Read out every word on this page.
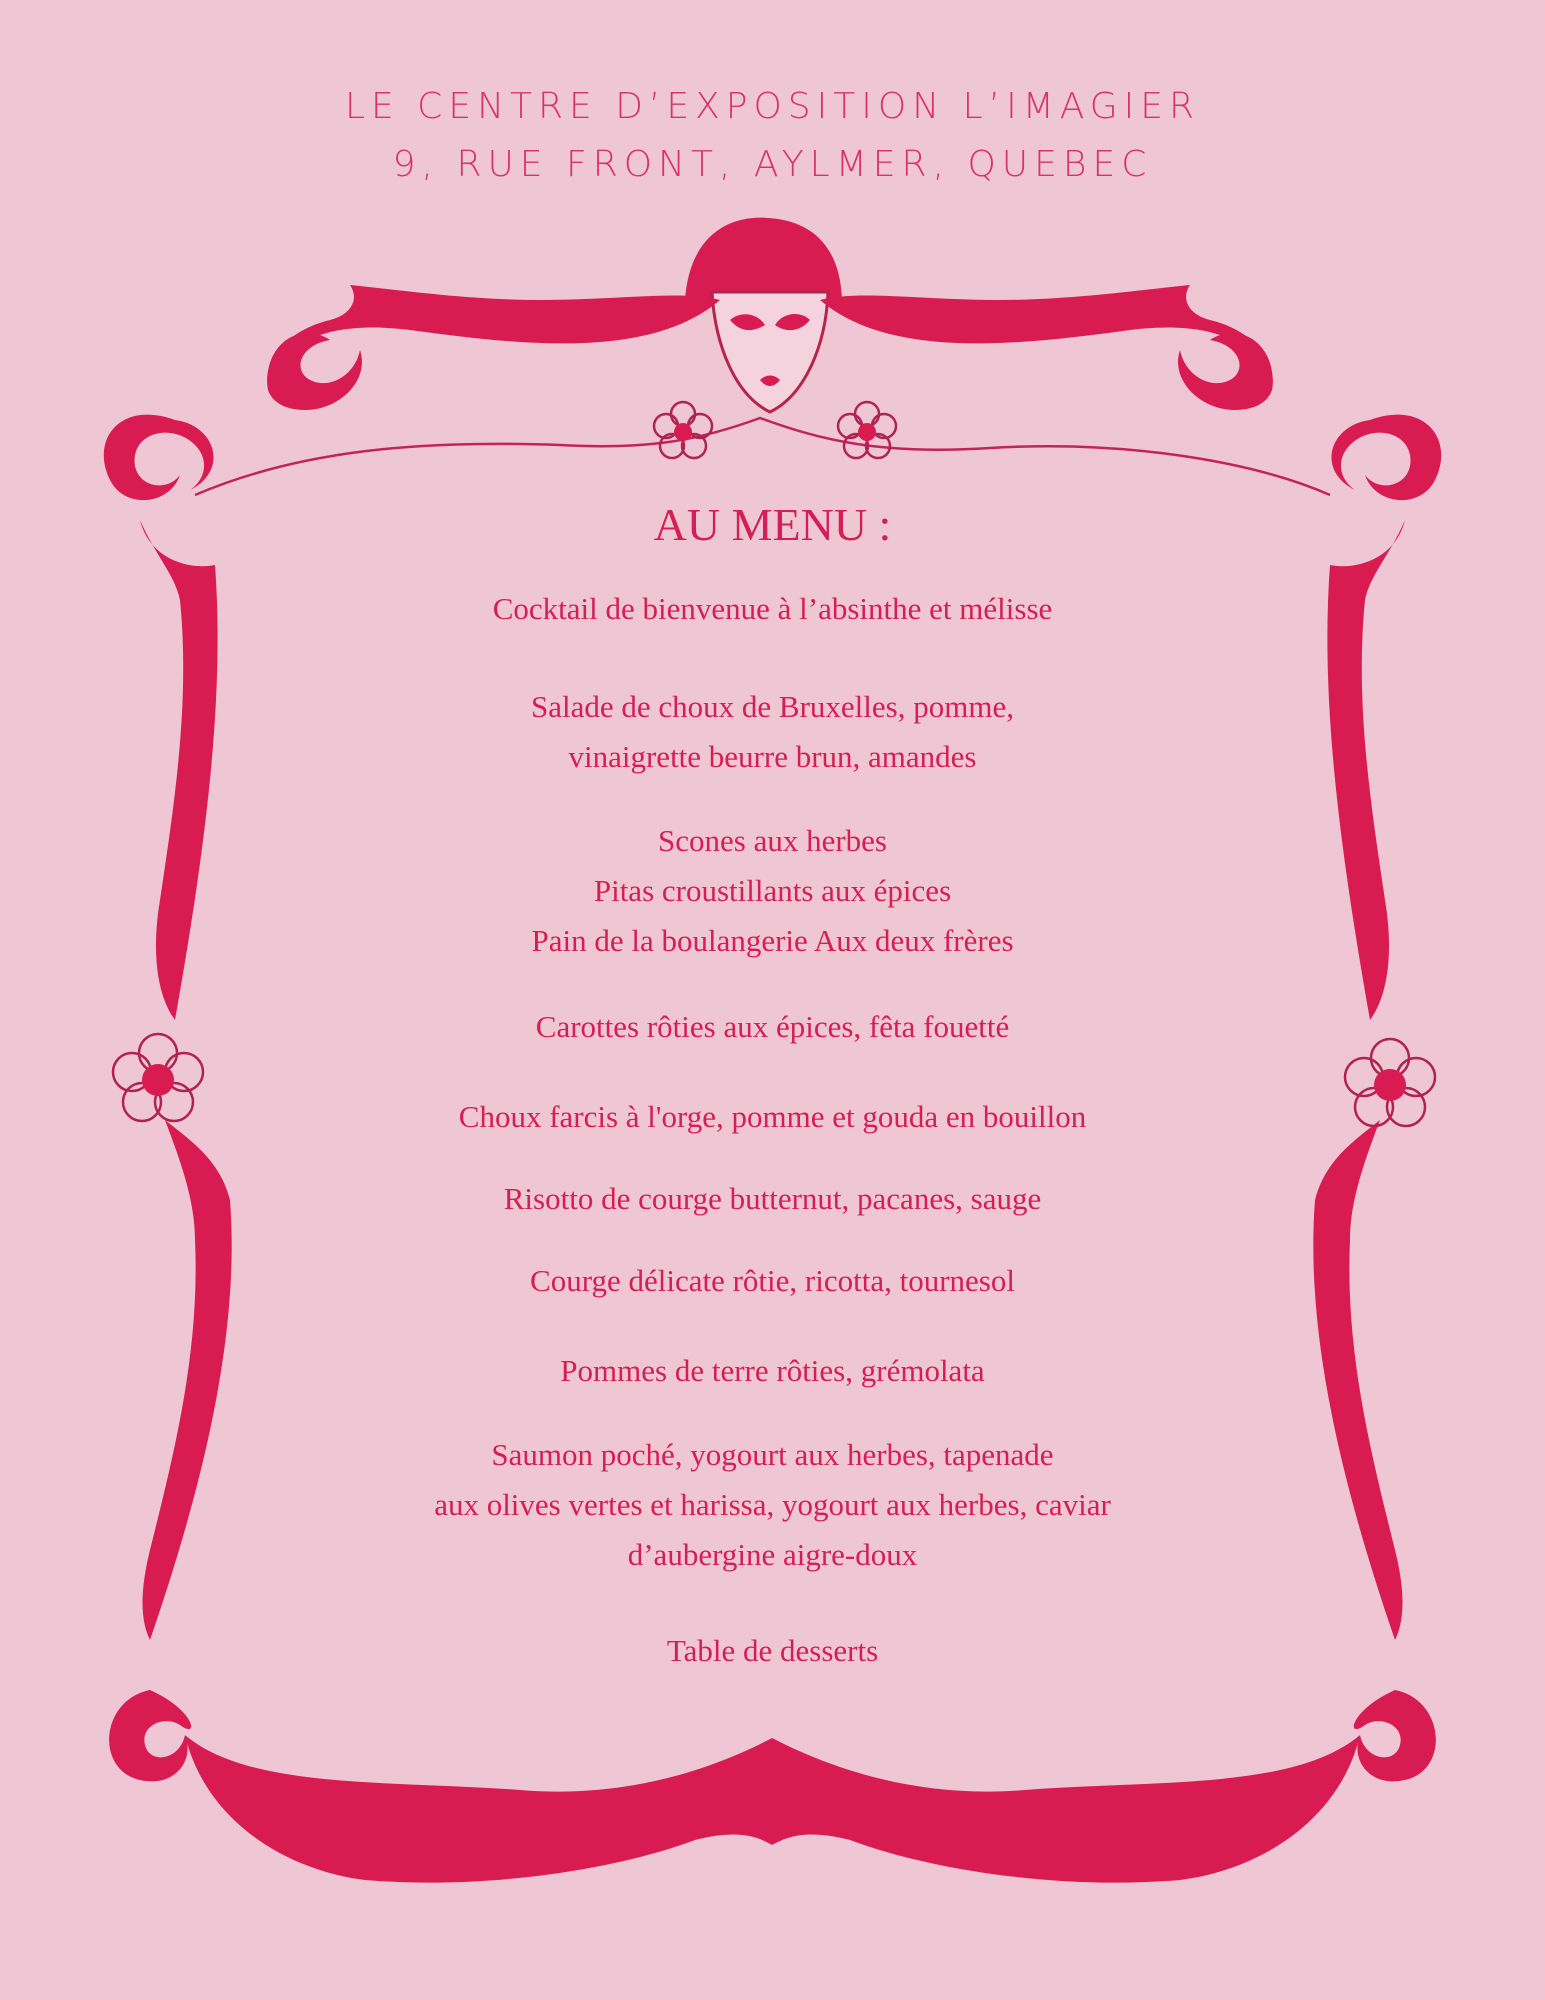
LE CENTRE D’EXPOSITION L’IMAGIER
9, RUE FRONT, AYLMER, QUEBEC
AU MENU :
Cocktail de bienvenue à l’absinthe et mélisse
Salade de choux de Bruxelles, pomme,
vinaigrette beurre brun, amandes
Scones aux herbes
Pitas croustillants aux épices
Pain de la boulangerie Aux deux frères
Carottes rôties aux épices, fêta fouetté
Choux farcis à l'orge, pomme et gouda en bouillon
Risotto de courge butternut, pacanes, sauge
Courge délicate rôtie, ricotta, tournesol
Pommes de terre rôties, grémolata
Saumon poché, yogourt aux herbes, tapenade
aux olives vertes et harissa, yogourt aux herbes, caviar
d’aubergine aigre-doux
Table de desserts
